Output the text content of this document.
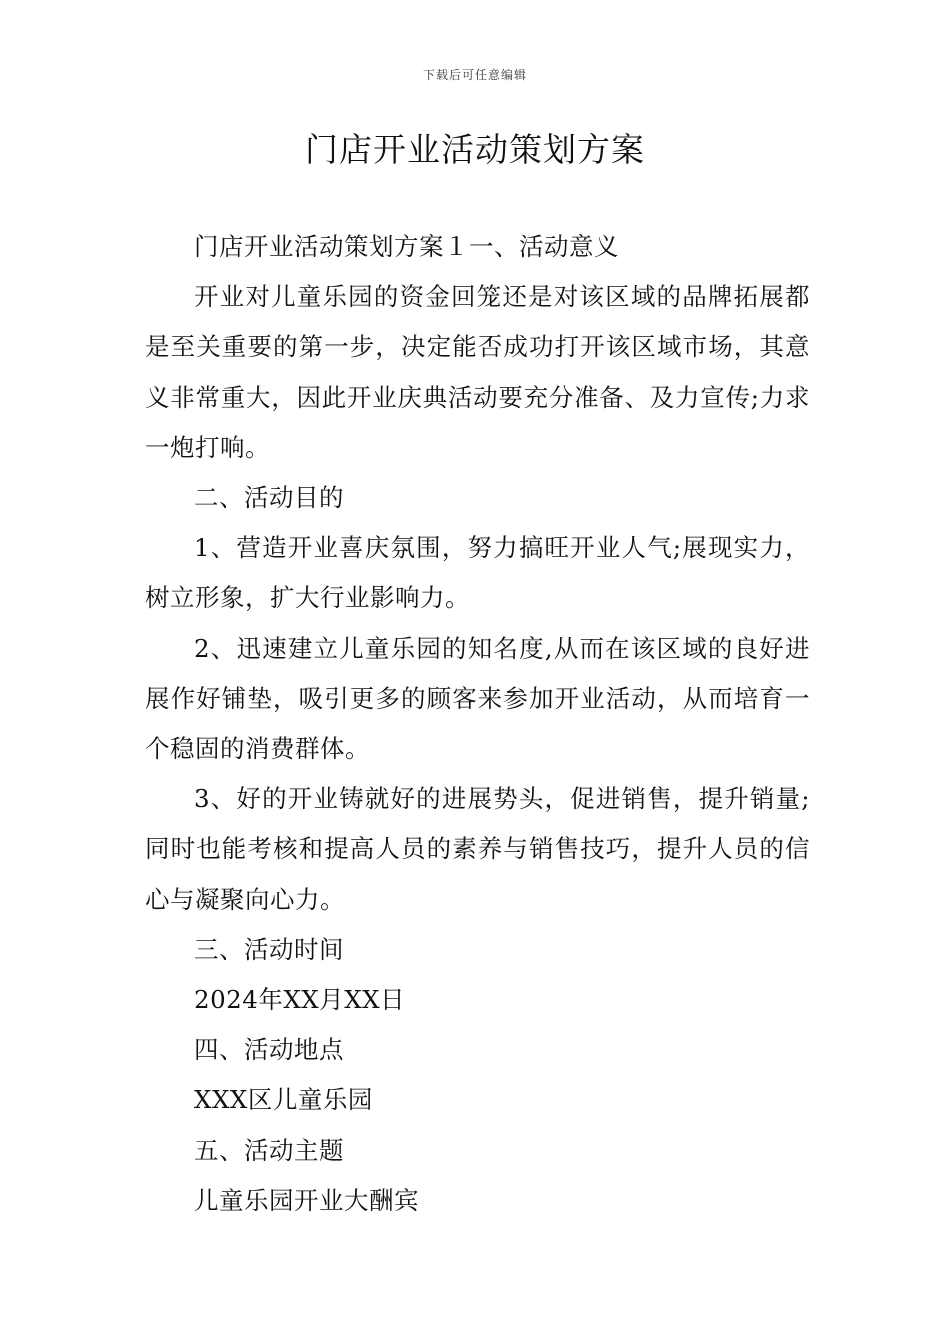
下载后可任意编辑
门店开业活动策划方案

门店开业活动策划方案１一、活动意义

开业对儿童乐园的资金回笼还是对该区域的品牌拓展都是至关重要的第一步，决定能否成功打开该区域市场，其意义非常重大，因此开业庆典活动要充分准备、及力宣传;力求一炮打响。

二、活动目的

1、营造开业喜庆氛围，努力搞旺开业人气;展现实力，树立形象，扩大行业影响力。

2、迅速建立儿童乐园的知名度,从而在该区域的良好进展作好铺垫，吸引更多的顾客来参加开业活动，从而培育一个稳固的消费群体。

3、好的开业铸就好的进展势头，促进销售，提升销量;同时也能考核和提高人员的素养与销售技巧，提升人员的信心与凝聚向心力。

三、活动时间

2024年XX月XX日

四、活动地点

XXX区儿童乐园

五、活动主题

儿童乐园开业大酬宾
